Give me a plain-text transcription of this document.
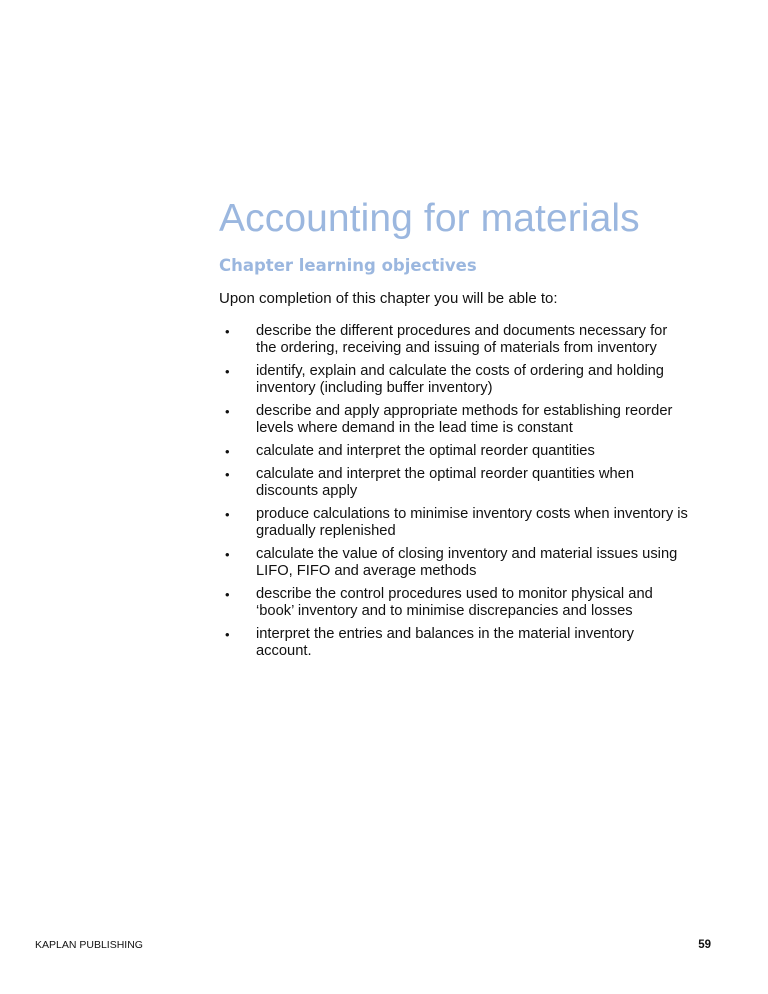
Accounting for materials
Chapter learning objectives

Upon completion of this chapter you will be able to:

• describe the different procedures and documents necessary for the ordering, receiving and issuing of materials from inventory
• identify, explain and calculate the costs of ordering and holding inventory (including buffer inventory)
• describe and apply appropriate methods for establishing reorder levels where demand in the lead time is constant
• calculate and interpret the optimal reorder quantities
• calculate and interpret the optimal reorder quantities when discounts apply
• produce calculations to minimise inventory costs when inventory is gradually replenished
• calculate the value of closing inventory and material issues using LIFO, FIFO and average methods
• describe the control procedures used to monitor physical and ‘book’ inventory and to minimise discrepancies and losses
• interpret the entries and balances in the material inventory account.

KAPLAN PUBLISHING	59
